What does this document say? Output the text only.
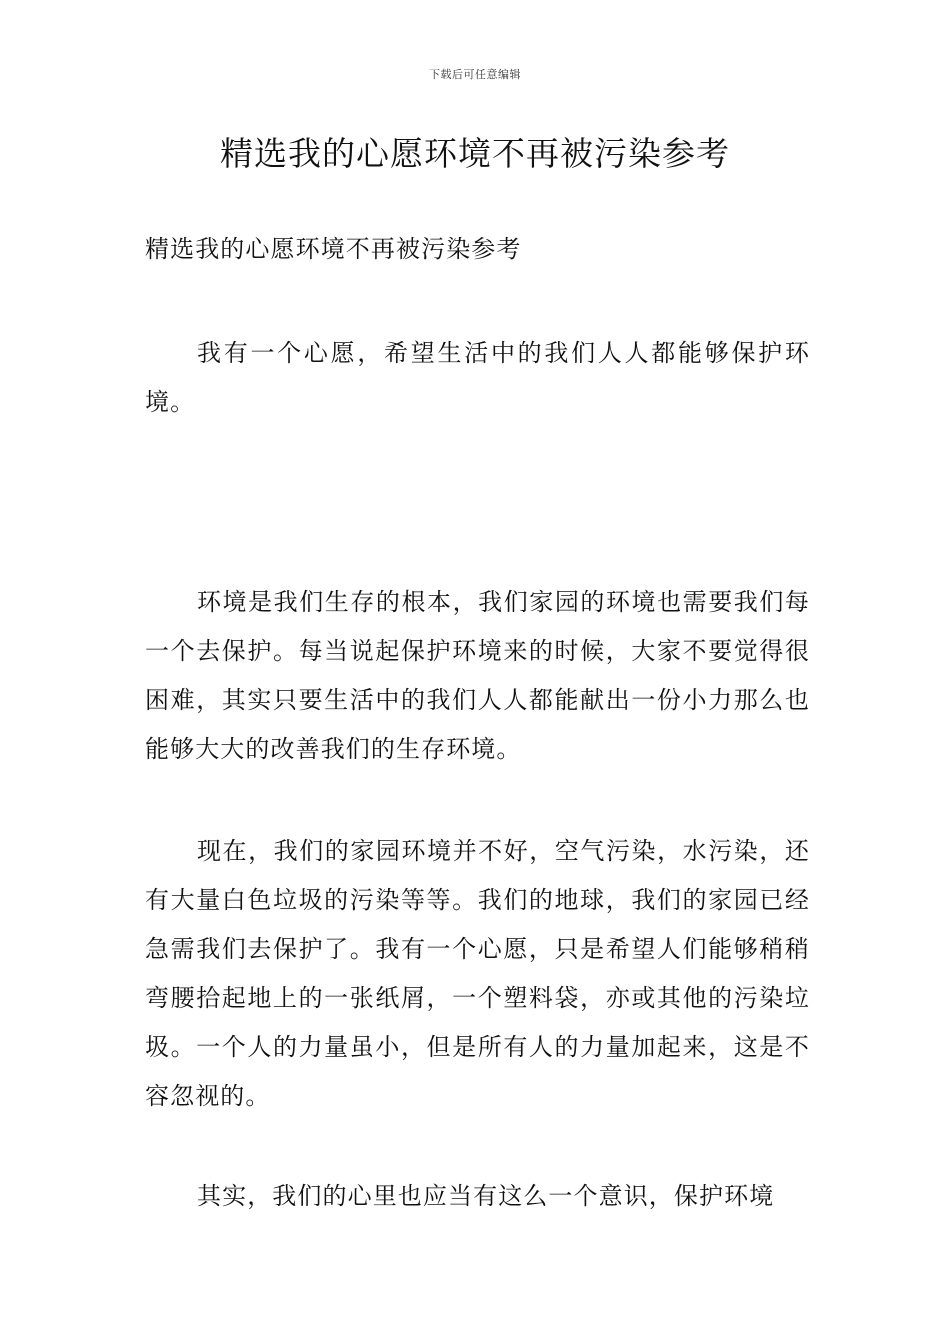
下载后可任意编辑
精选我的心愿环境不再被污染参考

精选我的心愿环境不再被污染参考

我有一个心愿，希望生活中的我们人人都能够保护环境。

环境是我们生存的根本，我们家园的环境也需要我们每一个去保护。每当说起保护环境来的时候，大家不要觉得很困难，其实只要生活中的我们人人都能献出一份小力那么也能够大大的改善我们的生存环境。

现在，我们的家园环境并不好，空气污染，水污染，还有大量白色垃圾的污染等等。我们的地球，我们的家园已经急需我们去保护了。我有一个心愿，只是希望人们能够稍稍弯腰拾起地上的一张纸屑，一个塑料袋，亦或其他的污染垃圾。一个人的力量虽小，但是所有人的力量加起来，这是不容忽视的。

其实，我们的心里也应当有这么一个意识，保护环境
